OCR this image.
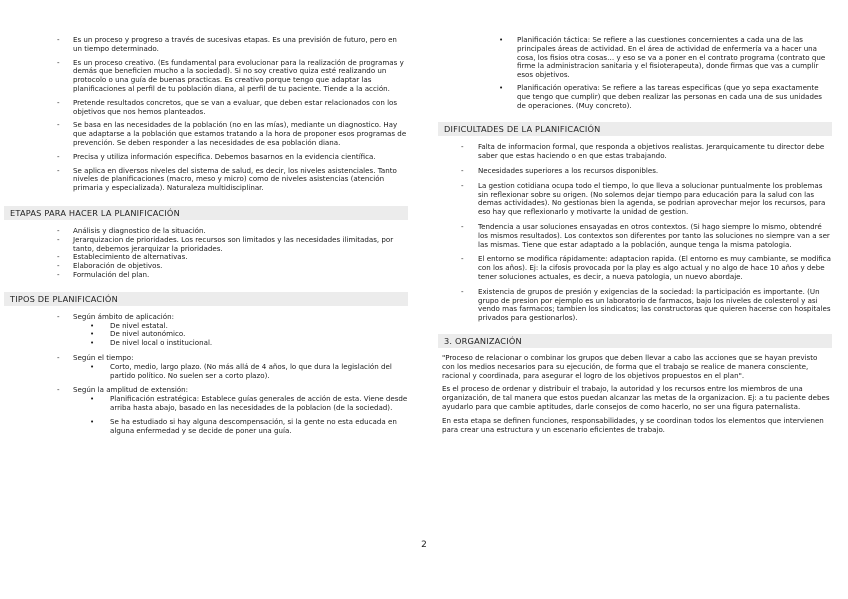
- Es un proceso y progreso a través de sucesivas etapas. Es una previsión de futuro, pero en un tiempo determinado.
- Es un proceso creativo. (Es fundamental para evolucionar para la realización de programas y demás que beneficien mucho a la sociedad). Si no soy creativo quiza esté realizando un protocolo o una guía de buenas practicas. Es creativo porque tengo que adaptar las planificaciones al perfil de tu población diana, al perfil de tu paciente. Tiende a la acción.
- Pretende resultados concretos, que se van a evaluar, que deben estar relacionados con los objetivos que nos hemos planteados.
- Se basa en las necesidades de la población (no en las mías), mediante un diagnostico. Hay que adaptarse a la población que estamos tratando a la hora de proponer esos programas de prevención. Se deben responder a las necesidades de esa población diana.
- Precisa y utiliza información especifica. Debemos basarnos en la evidencia científica.
- Se aplica en diversos niveles del sistema de salud, es decir, los niveles asistenciales. Tanto niveles de planificaciones (macro, meso y micro) como de niveles asistencias (atención primaria y especializada). Naturaleza multidisciplinar.
ETAPAS PARA HACER LA PLANIFICACIÓN
- Análisis y diagnostico de la situación.
- Jerarquizacion de prioridades. Los recursos son limitados y las necesidades ilimitadas, por tanto, debemos jerarquizar la prioridades.
- Establecimiento de alternativas.
- Elaboración de objetivos.
- Formulación del plan.
TIPOS DE PLANIFICACIÓN
- Según ámbito de aplicación:
• De nivel estatal.
• De nivel autonómico.
• De nivel local o institucional.
- Según el tiempo:
• Corto, medio, largo plazo. (No más allá de 4 años, lo que dura la legislación del partido político. No suelen ser a corto plazo).
- Según la amplitud de extensión:
• Planificación estratégica: Establece guías generales de acción de esta. Viene desde arriba hasta abajo, basado en las necesidades de la poblacion (de la sociedad).
• Se ha estudiado si hay alguna descompensación, si la gente no esta educada en alguna enfermedad y se decide de poner una guía.
• Planificación táctica: Se refiere a las cuestiones concernientes a cada una de las principales áreas de actividad. En el área de actividad de enfermería va a hacer una cosa, los fisios otra cosas… y eso se va a poner en el contrato programa (contrato que firme la administracion sanitaria y el fisioterapeuta), donde firmas que vas a cumplir esos objetivos.
• Planificación operativa: Se refiere a las tareas especificas (que yo sepa exactamente que tengo que cumplir) que deben realizar las personas en cada una de sus unidades de operaciones. (Muy concreto).
DIFICULTADES DE LA PLANIFICACIÓN
- Falta de informacion formal, que responda a objetivos realistas. Jerarquicamente tu director debe saber que estas haciendo o en que estas trabajando.
- Necesidades superiores a los recursos disponibles.
- La gestion cotidiana ocupa todo el tiempo, lo que lleva a solucionar puntualmente los problemas sin reflexionar sobre su origen. (No solemos dejar tiempo para educación para la salud con las demas actividades). No gestionas bien la agenda, se podrian aprovechar mejor los recursos, para eso hay que reflexionarlo y motivarte la unidad de gestion.
- Tendencia a usar soluciones ensayadas en otros contextos. (Si hago siempre lo mismo, obtendré los mismos resultados). Los contextos son diferentes por tanto las soluciones no siempre van a ser las mismas. Tiene que estar adaptado a la población, aunque tenga la misma patologia.
- El entorno se modifica rápidamente: adaptacion rapida. (El entorno es muy cambiante, se modifica con los años). Ej: la cifosis provocada por la play es algo actual y no algo de hace 10 años y debe tener soluciones actuales, es decir, a nueva patologia, un nuevo abordaje.
- Existencia de grupos de presión y exigencias de la sociedad: la participación es importante. (Un grupo de presion por ejemplo es un laboratorio de farmacos, bajo los niveles de colesterol y asi vendo mas farmacos; tambien los sindicatos; las constructoras que quieren hacerse con hospitales privados para gestionarlos).
3. ORGANIZACIÓN

"Proceso de relacionar o combinar los grupos que deben llevar a cabo las acciones que se hayan previsto con los medios necesarios para su ejecución, de forma que el trabajo se realice de manera consciente, racional y coordinada, para asegurar el logro de los objetivos propuestos en el plan".

Es el proceso de ordenar y distribuir el trabajo, la autoridad y los recursos entre los miembros de una organización, de tal manera que estos puedan alcanzar las metas de la organizacion. Ej: a tu paciente debes ayudarlo para que cambie aptitudes, darle consejos de como hacerlo, no ser una figura paternalista.

En esta etapa se definen funciones, responsabilidades, y se coordinan todos los elementos que intervienen para crear una estructura y un escenario eficientes de trabajo.

2
